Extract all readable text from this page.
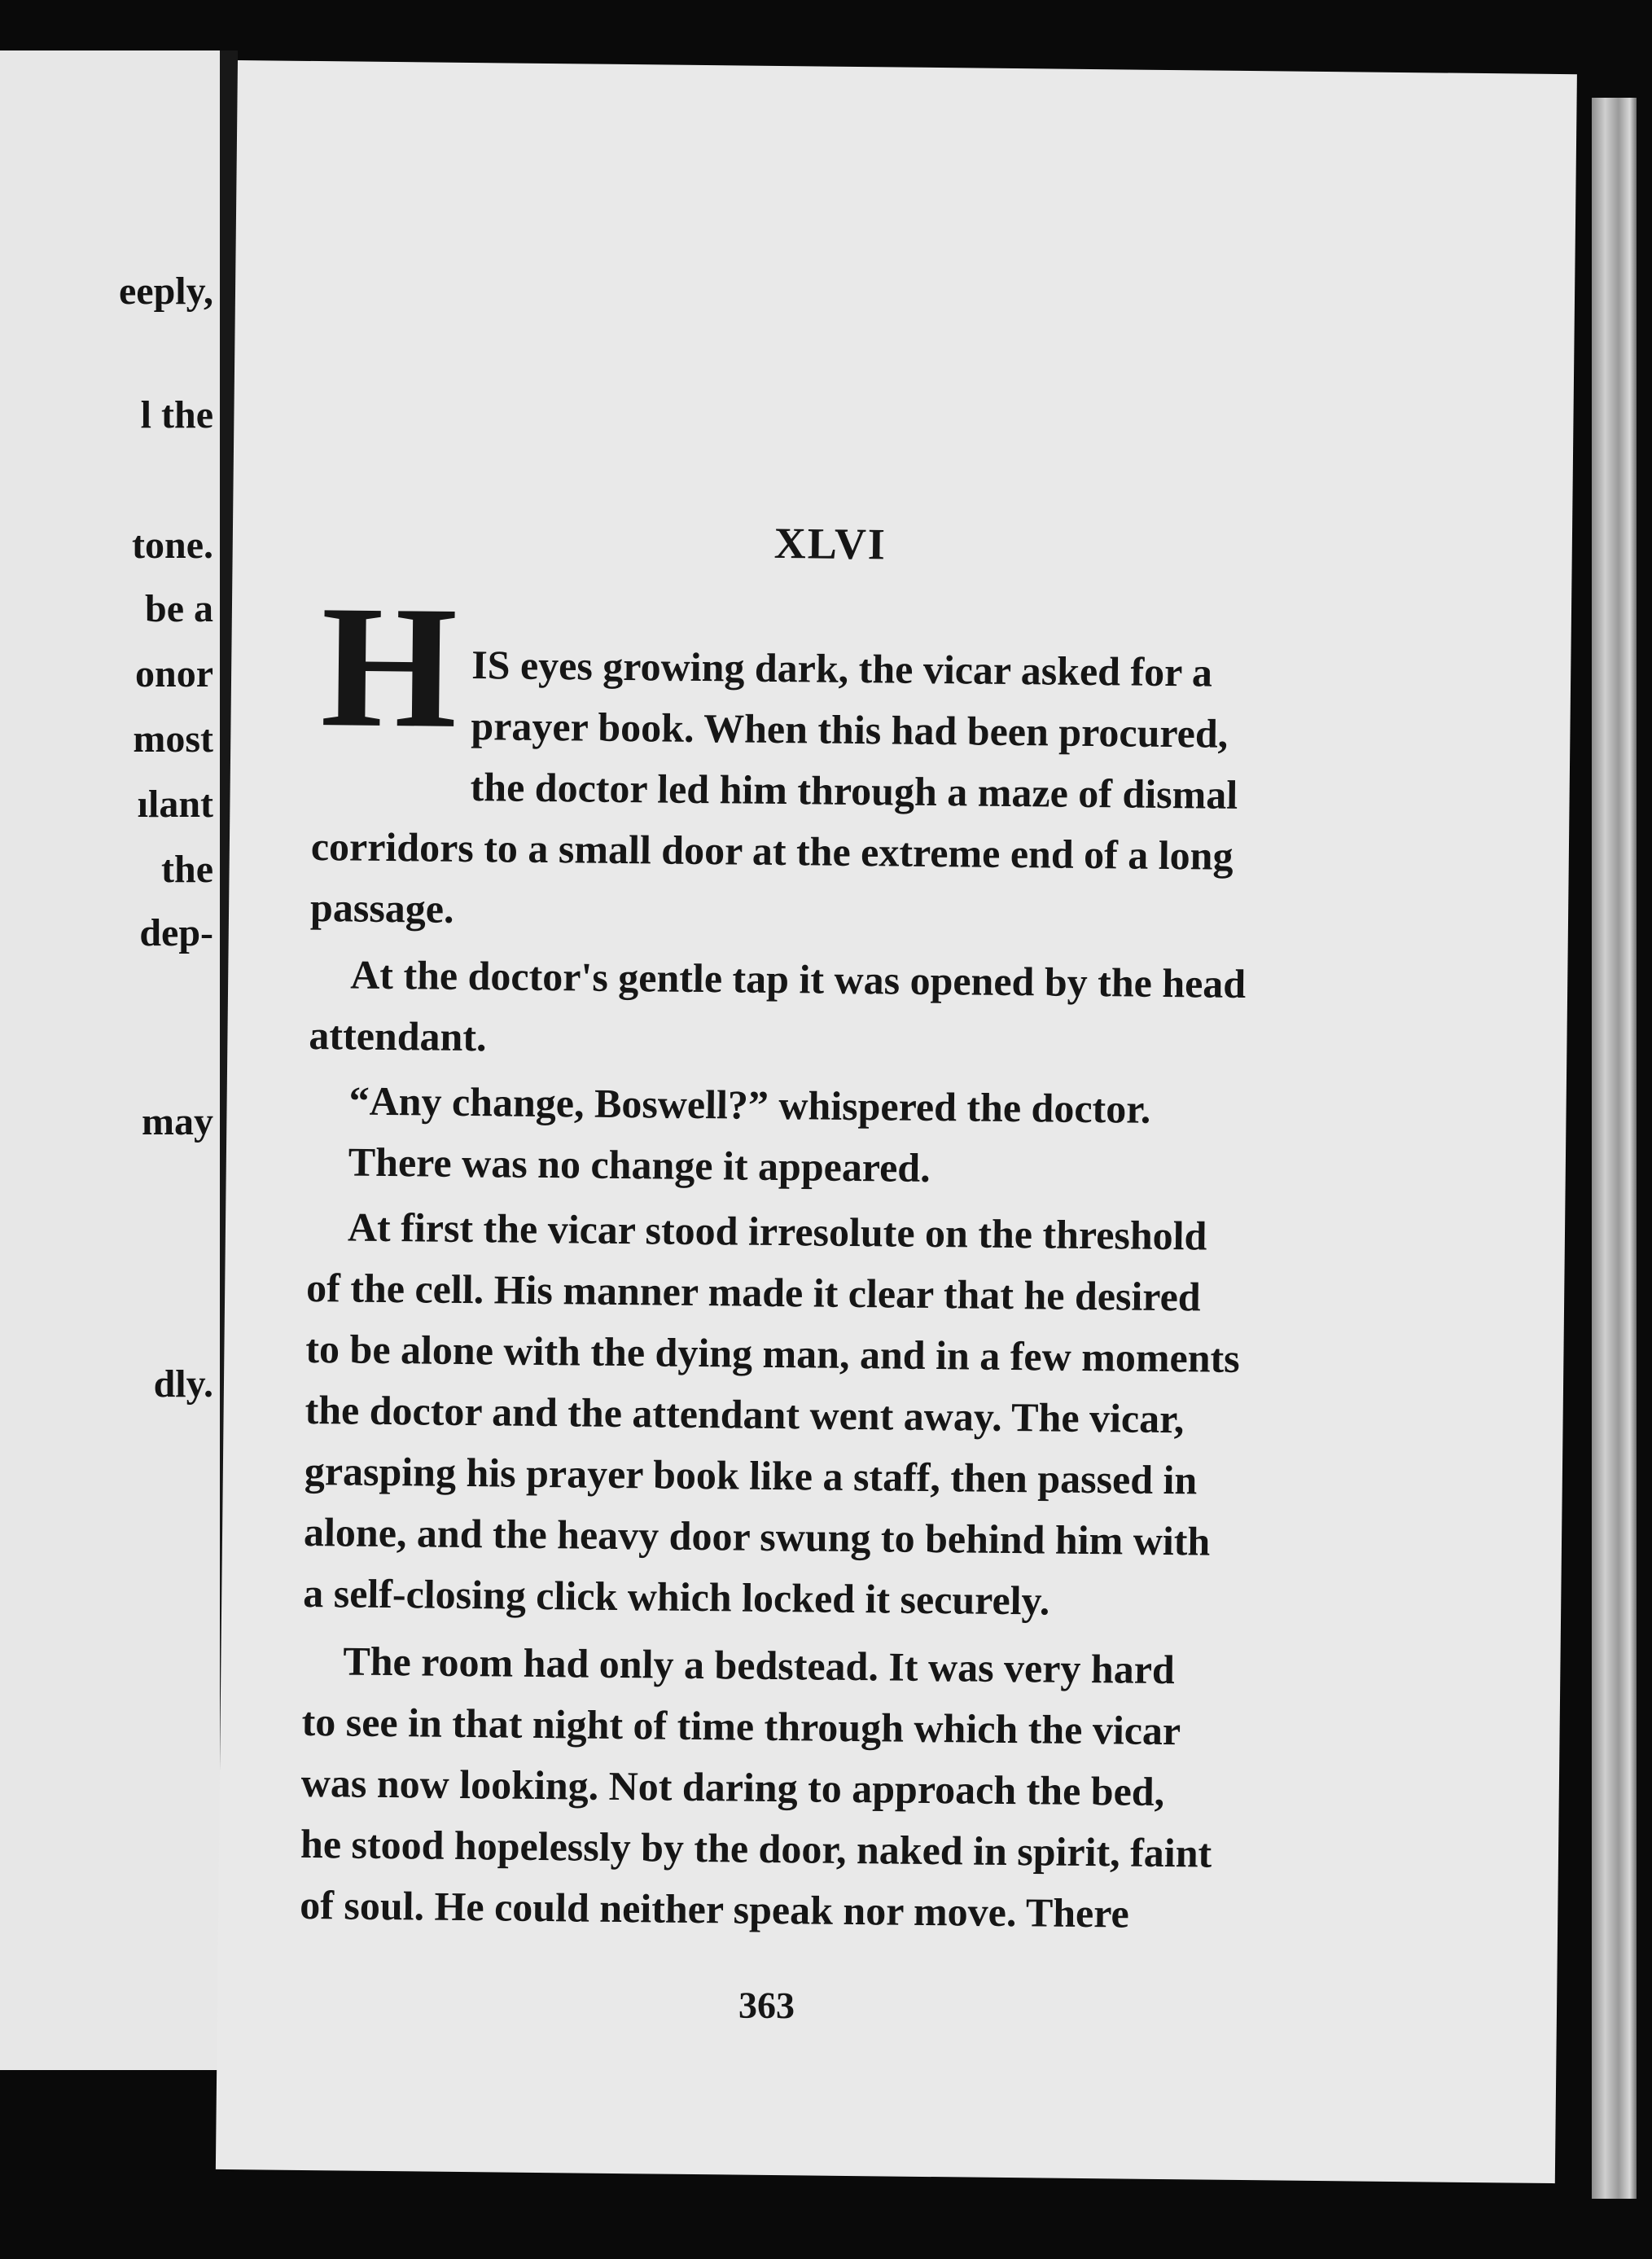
eeply,
l the
tone.
be a
onor
most
ılant
the
dep-
may
dly.
XLVI
H IS eyes growing dark, the vicar asked for a
prayer book. When this had been procured,
the doctor led him through a maze of dismal
corridors to a small door at the extreme end of a long
passage.
At the doctor's gentle tap it was opened by the head
attendant.
“Any change, Boswell?” whispered the doctor.
There was no change it appeared.
At first the vicar stood irresolute on the threshold
of the cell. His manner made it clear that he desired
to be alone with the dying man, and in a few moments
the doctor and the attendant went away. The vicar,
grasping his prayer book like a staff, then passed in
alone, and the heavy door swung to behind him with
a self-closing click which locked it securely.
The room had only a bedstead. It was very hard
to see in that night of time through which the vicar
was now looking. Not daring to approach the bed,
he stood hopelessly by the door, naked in spirit, faint
of soul. He could neither speak nor move. There
363
